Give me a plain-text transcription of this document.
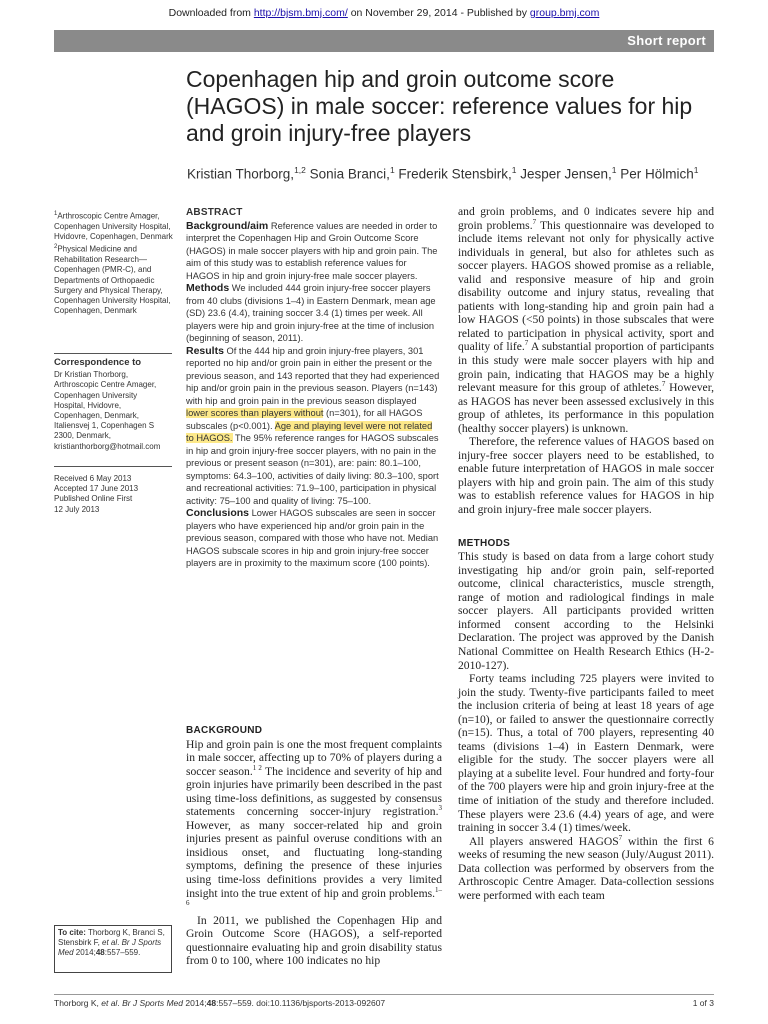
Downloaded from http://bjsm.bmj.com/ on November 29, 2014 - Published by group.bmj.com
Short report
Copenhagen hip and groin outcome score (HAGOS) in male soccer: reference values for hip and groin injury-free players
Kristian Thorborg,$^{1,2}$ Sonia Branci,$^1$ Frederik Stensbirk,$^1$ Jesper Jensen,$^1$ Per Hölmich$^1$
$^1$Arthroscopic Centre Amager, Copenhagen University Hospital, Hvidovre, Copenhagen, Denmark
$^2$Physical Medicine and Rehabilitation Research—Copenhagen (PMR-C), and Departments of Orthopaedic Surgery and Physical Therapy, Copenhagen University Hospital, Copenhagen, Denmark
Correspondence to
Dr Kristian Thorborg,
Arthroscopic Centre Amager,
Copenhagen University
Hospital, Hvidovre,
Copenhagen, Denmark,
Italiensvej 1, Copenhagen S
2300, Denmark,
kristianthorborg@hotmail.com
Received 6 May 2013
Accepted 17 June 2013
Published Online First
12 July 2013
ABSTRACT

Background/aim Reference values are needed in order to interpret the Copenhagen Hip and Groin Outcome Score (HAGOS) in male soccer players with hip and groin pain. The aim of this study was to establish reference values for HAGOS in hip and groin injury-free male soccer players.

Methods We included 444 groin injury-free soccer players from 40 clubs (divisions 1–4) in Eastern Denmark, mean age (SD) 23.6 (4.4), training soccer 3.4 (1) times per week. All players were hip and groin injury-free at the time of inclusion (beginning of season, 2011).

Results Of the 444 hip and groin injury-free players, 301 reported no hip and/or groin pain in either the present or the previous season, and 143 reported that they had experienced hip and/or groin pain in the previous season. Players (n=143) with hip and groin pain in the previous season displayed lower scores than players without (n=301), for all HAGOS subscales (p<0.001). Age and playing level were not related to HAGOS. The 95% reference ranges for HAGOS subscales in hip and groin injury-free soccer players, with no pain in the previous or present season (n=301), are: pain: 80.1–100, symptoms: 64.3–100, activities of daily living: 80.3–100, sport and recreational activities: 71.9–100, participation in physical activity: 75–100 and quality of living: 75–100.

Conclusions Lower HAGOS subscales are seen in soccer players who have experienced hip and/or groin pain in the previous season, compared with those who have not. Median HAGOS subscale scores in hip and groin injury-free soccer players are in proximity to the maximum score (100 points).

BACKGROUND

Hip and groin pain is one the most frequent complaints in male soccer, affecting up to 70% of players during a soccer season.$^{1 2}$ The incidence and severity of hip and groin injuries have primarily been described in the past using time-loss definitions, as suggested by consensus statements concerning soccer-injury registration.$^3$ However, as many soccer-related hip and groin injuries present as painful overuse conditions with an insidious onset, and fluctuating long-standing symptoms, defining the presence of these injuries using time-loss definitions provides a very limited insight into the true extent of hip and groin problems.$^{1-6}$

In 2011, we published the Copenhagen Hip and Groin Outcome Score (HAGOS), a self-reported questionnaire evaluating hip and groin disability status from 0 to 100, where 100 indicates no hip

and groin problems, and 0 indicates severe hip and groin problems.$^7$ This questionnaire was developed to include items relevant not only for physically active individuals in general, but also for athletes such as soccer players. HAGOS showed promise as a reliable, valid and responsive measure of hip and groin disability outcome and injury status, revealing that patients with long-standing hip and groin pain had a low HAGOS (<50 points) in those subscales that were related to participation in physical activity, sport and quality of life.$^7$ A substantial proportion of participants in this study were male soccer players with hip and groin pain, indicating that HAGOS may be a highly relevant measure for this group of athletes.$^7$ However, as HAGOS has never been assessed exclusively in this group of athletes, its performance in this population (healthy soccer players) is unknown.

Therefore, the reference values of HAGOS based on injury-free soccer players need to be established, to enable future interpretation of HAGOS in male soccer players with hip and groin pain. The aim of this study was to establish reference values for HAGOS in hip and groin injury-free male soccer players.

METHODS

This study is based on data from a large cohort study investigating hip and/or groin pain, self-reported outcome, clinical characteristics, muscle strength, range of motion and radiological findings in male soccer players. All participants provided written informed consent according to the Helsinki Declaration. The project was approved by the Danish National Committee on Health Research Ethics (H-2-2010-127).

Forty teams including 725 players were invited to join the study. Twenty-five participants failed to meet the inclusion criteria of being at least 18 years of age (n=10), or failed to answer the questionnaire correctly (n=15). Thus, a total of 700 players, representing 40 teams (divisions 1–4) in Eastern Denmark, were eligible for the study. The soccer players were all playing at a subelite level. Four hundred and forty-four of the 700 players were hip and groin injury-free at the time of initiation of the study and therefore included. These players were 23.6 (4.4) years of age, and were training in soccer 3.4 (1) times/week.

All players answered HAGOS$^7$ within the first 6 weeks of resuming the new season (July/August 2011). Data collection was performed by observers from the Arthroscopic Centre Amager. Data-collection sessions were performed with each team

To cite: Thorborg K, Branci S, Stensbirk F, et al. Br J Sports Med 2014;48:557–559.
Thorborg K, et al. Br J Sports Med 2014;48:557–559. doi:10.1136/bjsports-2013-092607	1 of 3
